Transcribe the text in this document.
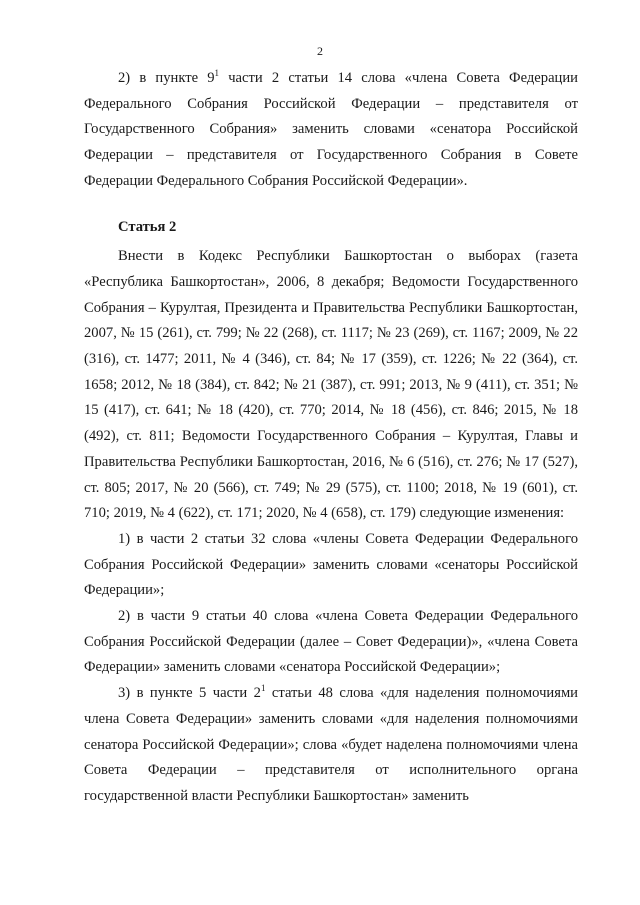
2

2) в пункте $9^1$ части 2 статьи 14 слова «члена Совета Федерации Федерального Собрания Российской Федерации – представителя от Государственного Собрания» заменить словами «сенатора Российской Федерации – представителя от Государственного Собрания в Совете Федерации Федерального Собрания Российской Федерации».

Статья 2

Внести в Кодекс Республики Башкортостан о выборах (газета «Республика Башкортостан», 2006, 8 декабря; Ведомости Государственного Собрания – Курултая, Президента и Правительства Республики Башкортостан, 2007, № 15 (261), ст. 799; № 22 (268), ст. 1117; № 23 (269), ст. 1167; 2009, № 22 (316), ст. 1477; 2011, № 4 (346), ст. 84; № 17 (359), ст. 1226; № 22 (364), ст. 1658; 2012, № 18 (384), ст. 842; № 21 (387), ст. 991; 2013, № 9 (411), ст. 351; № 15 (417), ст. 641; № 18 (420), ст. 770; 2014, № 18 (456), ст. 846; 2015, № 18 (492), ст. 811; Ведомости Государственного Собрания – Курултая, Главы и Правительства Республики Башкортостан, 2016, № 6 (516), ст. 276; № 17 (527), ст. 805; 2017, № 20 (566), ст. 749; № 29 (575), ст. 1100; 2018, № 19 (601), ст. 710; 2019, № 4 (622), ст. 171; 2020, № 4 (658), ст. 179) следующие изменения:

1) в части 2 статьи 32 слова «члены Совета Федерации Федерального Собрания Российской Федерации» заменить словами «сенаторы Российской Федерации»;

2) в части 9 статьи 40 слова «члена Совета Федерации Федерального Собрания Российской Федерации (далее – Совет Федерации)», «члена Совета Федерации» заменить словами «сенатора Российской Федерации»;

3) в пункте 5 части $2^1$ статьи 48 слова «для наделения полномочиями члена Совета Федерации» заменить словами «для наделения полномочиями сенатора Российской Федерации»; слова «будет наделена полномочиями члена Совета Федерации – представителя от исполнительного органа государственной власти Республики Башкортостан» заменить
